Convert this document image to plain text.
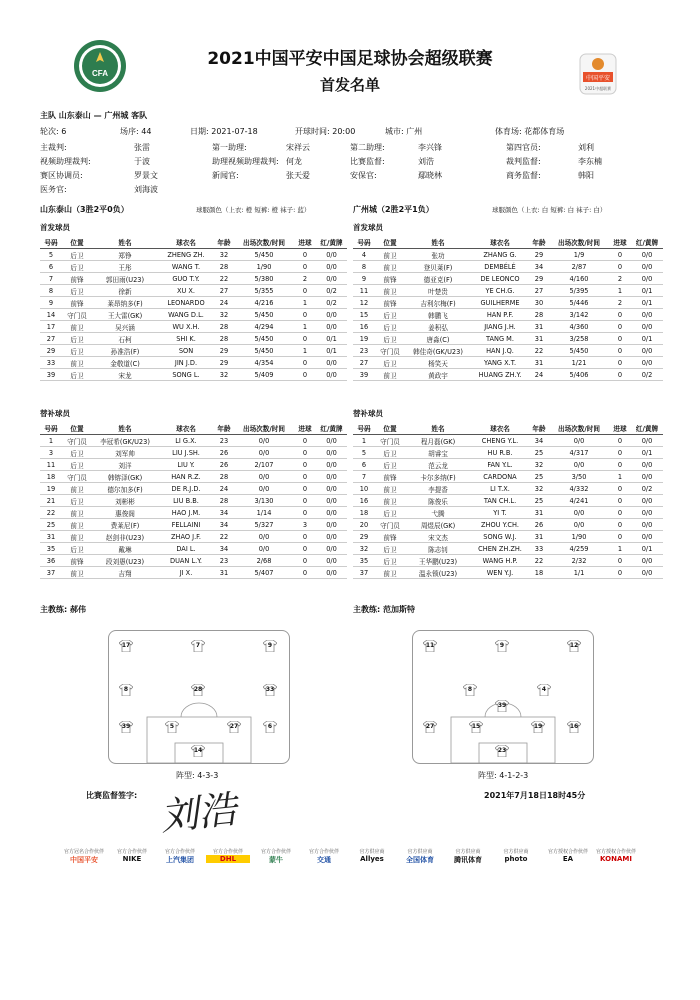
CFA
中国平安
2021中超联赛
2021中国平安中国足球协会超级联赛
首发名单
主队 山东泰山 — 广州城 客队
轮次: 6	场序: 44	日期: 2021-07-18	开球时间: 20:00	城市: 广州	体育场: 花都体育场
主裁判:	张雷	第一助理:	宋祥云	第二助理:	李兴锋	第四官员:	刘利
视频助理裁判:	于波	助理视频助理裁判: 何龙	比赛监督:	刘浩	裁判监督:	李东楠
赛区协调员:	罗景文	新闻官:	张天爱	安保官:	鄢晓林	商务监督:	韩阳
医务官:	刘海波
山东泰山（3胜2平0负）	球服颜色（上衣: 橙 短裤: 橙 袜子: 蓝）	广州城（2胜2平1负）	球服颜色（上衣: 白 短裤: 白 袜子: 白）
首发球员	首发球员
号码	位置	姓名	球衣名	年龄	出场次数/时间	进球	红/黄牌
5	后卫	郑铮	ZHENG ZH.	32	5/450	0	0/0
6	后卫	王彤	WANG T.	28	1/90	0	0/0
7	前锋	郭田雨(U23)	GUO T.Y.	22	5/380	2	0/0
8	后卫	徐新	XU X.	27	5/355	0	0/2
9	前锋	莱昂纳多(F)	LEONARDO	24	4/216	1	0/2
14	守门员	王大雷(GK)	WANG D.L.	32	5/450	0	0/0
17	前卫	吴兴涵	WU X.H.	28	4/294	1	0/0
27	后卫	石柯	SHI K.	28	5/450	0	0/1
29	后卫	孙准浩(F)	SON	29	5/450	1	0/1
33	前卫	金敬道(C)	JIN J.D.	29	4/354	0	0/0
39	后卫	宋龙	SONG L.	32	5/409	0	0/0
号码	位置	姓名	球衣名	年龄	出场次数/时间	进球	红/黄牌
4	前卫	张功	ZHANG G.	29	1/9	0	0/0
8	前卫	登贝莱(F)	DEMBÉLÉ	34	2/87	0	0/0
9	前锋	德亚克(F)	DE LEONCO	29	4/160	2	0/0
11	前卫	叶楚贵	YE CH.G.	27	5/395	1	0/1
12	前锋	吉利尔梅(F)	GUILHERME	30	5/446	2	0/1
15	后卫	韩鹏飞	HAN P.F.	28	3/142	0	0/0
16	后卫	姜积弘	JIANG J.H.	31	4/360	0	0/0
19	后卫	唐淼(C)	TANG M.	31	3/258	0	0/1
23	守门员	韩佳奇(GK/U23)	HAN J.Q.	22	5/450	0	0/0
27	后卫	杨笑天	YANG X.T.	31	1/21	0	0/0
39	前卫	黄政宇	HUANG ZH.Y.	24	5/406	0	0/2
替补球员	替补球员
号码	位置	姓名	球衣名	年龄	出场次数/时间	进球	红/黄牌
1	守门员	李冠希(GK/U23)	LI G.X.	23	0/0	0	0/0
3	后卫	刘军帅	LIU J.SH.	26	0/0	0	0/0
11	后卫	刘洋	LIU Y.	26	2/107	0	0/0
18	守门员	韩镕泽(GK)	HAN R.Z.	28	0/0	0	0/0
19	前卫	德尔加多(F)	DE R.J.D.	24	0/0	0	0/0
21	后卫	刘彬彬	LIU B.B.	28	3/130	0	0/0
22	前卫	惠俊阁	HAO J.M.	34	1/14	0	0/0
25	前卫	费莱尼(F)	FELLAINI	34	5/327	3	0/0
31	前卫	赵剑非(U23)	ZHAO J.F.	22	0/0	0	0/0
35	后卫	戴琳	DAI L.	34	0/0	0	0/0
36	前锋	段刘愚(U23)	DUAN L.Y.	23	2/68	0	0/0
37	前卫	吉翔	JI X.	31	5/407	0	0/0
号码	位置	姓名	球衣名	年龄	出场次数/时间	进球	红/黄牌
1	守门员	程月磊(GK)	CHENG Y.L.	34	0/0	0	0/0
5	后卫	胡睿宝	HU R.B.	25	4/317	0	0/1
6	后卫	范云龙	FAN Y.L.	32	0/0	0	0/0
7	前锋	卡尔多纳(F)	CARDONA	25	3/50	1	0/0
10	前卫	李提香	LI T.X.	32	4/332	0	0/2
16	前卫	陈俊乐	TAN CH.L.	25	4/241	0	0/0
18	后卫	弋腾	YI T.	31	0/0	0	0/0
20	守门员	周煜辰(GK)	ZHOU Y.CH.	26	0/0	0	0/0
29	前锋	宋文杰	SONG W.J.	31	1/90	0	0/0
32	后卫	陈志钊	CHEN ZH.ZH.	33	4/259	1	0/1
35	后卫	王华鹏(U23)	WANG H.P.	22	2/32	0	0/0
37	前卫	温永锁(U23)	WEN Y.J.	18	1/1	0	0/0
主教练: 郝伟	主教练: 范加斯特
17	7	9
8	28	33
39	5	27	6
14
阵型: 4-3-3
11	9	12
8	4
39
27	15	19	16
23
阵型: 4-1-2-3
比赛监督签字: 刘浩	2021年7月18日18时45分
官方冠名合作伙伴
中国平安
官方合作伙伴
NIKE
官方合作伙伴
上汽集团
官方合作伙伴
DHL
官方合作伙伴
蒙牛
官方合作伙伴
交通
官方供应商
Allyes
官方供应商
全国体育
官方供应商
腾讯体育
官方供应商
photo
官方授权合作伙伴
EA
官方授权合作伙伴
KONAMI
